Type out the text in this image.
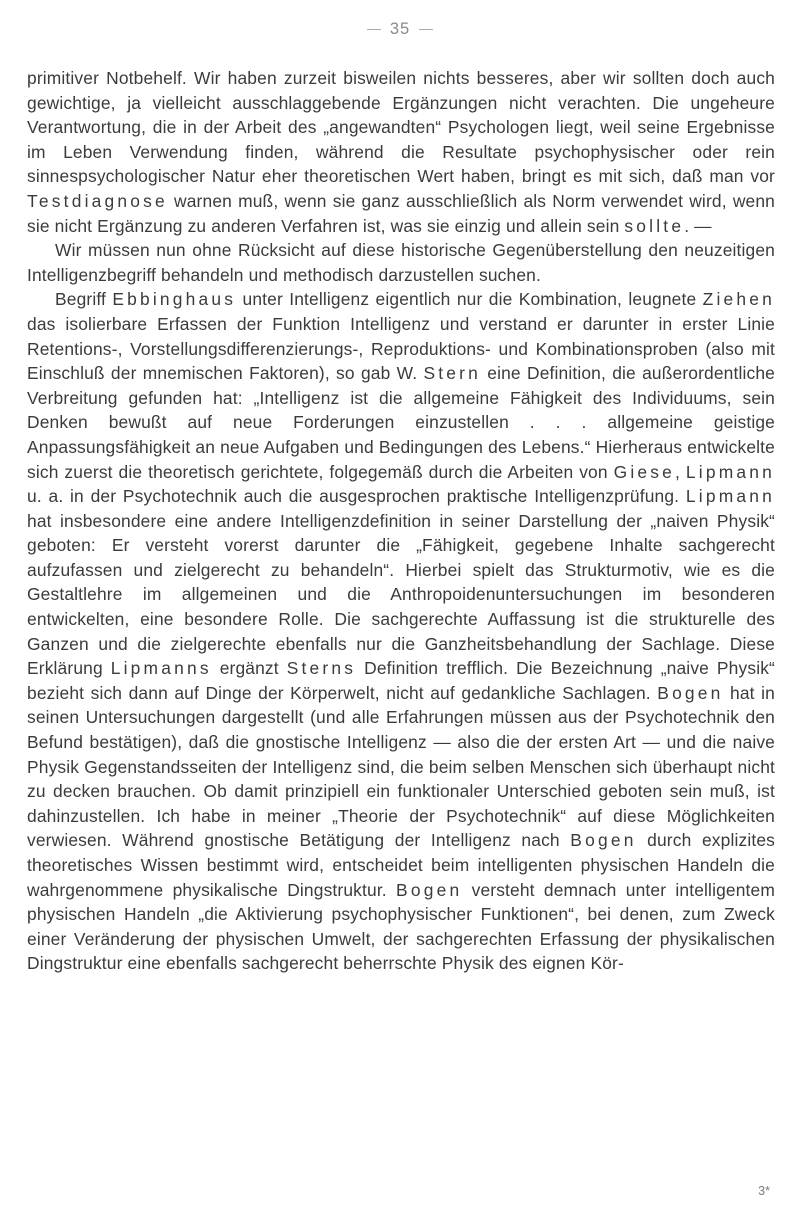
35

primitiver Notbehelf. Wir haben zurzeit bisweilen nichts besseres, aber wir sollten doch auch gewichtige, ja vielleicht ausschlaggebende Ergänzungen nicht verachten. Die ungeheure Verantwortung, die in der Arbeit des „angewandten“ Psychologen liegt, weil seine Ergebnisse im Leben Verwendung finden, während die Resultate psychophysischer oder rein sinnespsychologischer Natur eher theoretischen Wert haben, bringt es mit sich, daß man vor Testdiagnose warnen muß, wenn sie ganz ausschließlich als Norm verwendet wird, wenn sie nicht Ergänzung zu anderen Verfahren ist, was sie einzig und allein sein sollte. —

Wir müssen nun ohne Rücksicht auf diese historische Gegenüberstellung den neuzeitigen Intelligenzbegriff behandeln und methodisch darzustellen suchen.

Begriff Ebbinghaus unter Intelligenz eigentlich nur die Kombination, leugnete Ziehen das isolierbare Erfassen der Funktion Intelligenz und verstand er darunter in erster Linie Retentions-, Vorstellungsdifferenzierungs-, Reproduktions- und Kombinationsproben (also mit Einschluß der mnemischen Faktoren), so gab W. Stern eine Definition, die außerordentliche Verbreitung gefunden hat: „Intelligenz ist die allgemeine Fähigkeit des Individuums, sein Denken bewußt auf neue Forderungen einzustellen . . . allgemeine geistige Anpassungsfähigkeit an neue Aufgaben und Bedingungen des Lebens.“ Hierheraus entwickelte sich zuerst die theoretisch gerichtete, folgegemäß durch die Arbeiten von Giese, Lipmann u. a. in der Psychotechnik auch die ausgesprochen praktische Intelligenzprüfung. Lipmann hat insbesondere eine andere Intelligenzdefinition in seiner Darstellung der „naiven Physik“ geboten: Er versteht vorerst darunter die „Fähigkeit, gegebene Inhalte sachgerecht aufzufassen und zielgerecht zu behandeln“. Hierbei spielt das Strukturmotiv, wie es die Gestaltlehre im allgemeinen und die Anthropoidenuntersuchungen im besonderen entwickelten, eine besondere Rolle. Die sachgerechte Auffassung ist die strukturelle des Ganzen und die zielgerechte ebenfalls nur die Ganzheitsbehandlung der Sachlage. Diese Erklärung Lipmanns ergänzt Sterns Definition trefflich. Die Bezeichnung „naive Physik“ bezieht sich dann auf Dinge der Körperwelt, nicht auf gedankliche Sachlagen. Bogen hat in seinen Untersuchungen dargestellt (und alle Erfahrungen müssen aus der Psychotechnik den Befund bestätigen), daß die gnostische Intelligenz — also die der ersten Art — und die naive Physik Gegenstandsseiten der Intelligenz sind, die beim selben Menschen sich überhaupt nicht zu decken brauchen. Ob damit prinzipiell ein funktionaler Unterschied geboten sein muß, ist dahinzustellen. Ich habe in meiner „Theorie der Psychotechnik“ auf diese Möglichkeiten verwiesen. Während gnostische Betätigung der Intelligenz nach Bogen durch explizites theoretisches Wissen bestimmt wird, entscheidet beim intelligenten physischen Handeln die wahrgenommene physikalische Dingstruktur. Bogen versteht demnach unter intelligentem physischen Handeln „die Aktivierung psychophysischer Funktionen“, bei denen, zum Zweck einer Veränderung der physischen Umwelt, der sachgerechten Erfassung der physikalischen Dingstruktur eine ebenfalls sachgerecht beherrschte Physik des eignen Kör-

3*
